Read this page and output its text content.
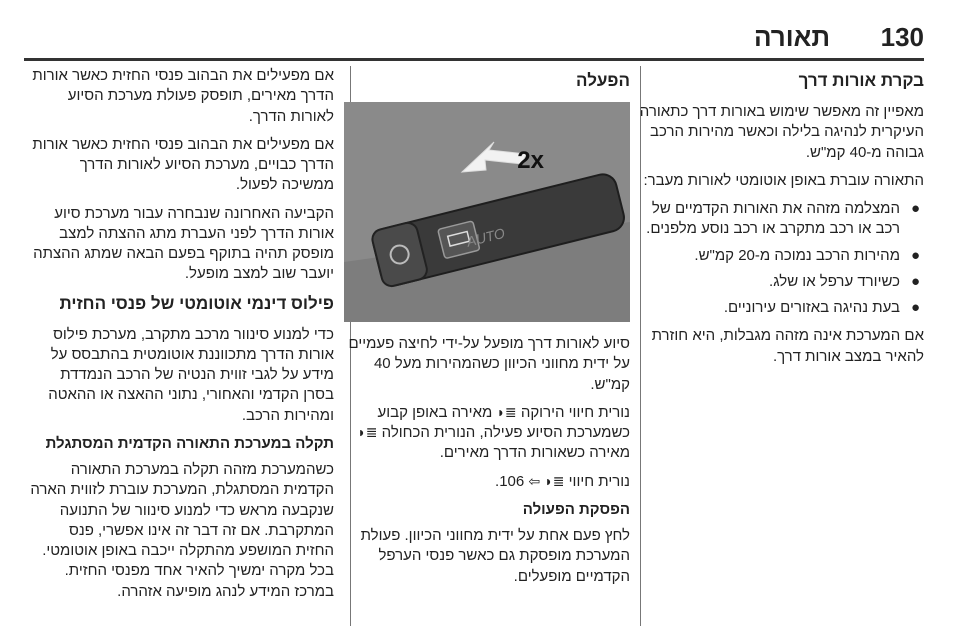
130
תאורה
בקרת אורות דרך

מאפיין זה מאפשר שימוש באורות דרך כתאורה העיקרית לנהיגה בלילה וכאשר מהירות הרכב גבוהה מ-40 קמ"ש.

התאורה עוברת באופן אוטומטי לאורות מעבר:

●
המצלמה מזהה את האורות הקדמיים של רכב או רכב מתקרב או רכב נוסע מלפנים.
●
מהירות הרכב נמוכה מ-20 קמ"ש.
●
כשיורד ערפל או שלג.
●
בעת נהיגה באזורים עירוניים.

אם המערכת אינה מזהה מגבלות, היא חוזרת להאיר במצב אורות דרך.

הפעלה
AUTO
2x

סיוע לאורות דרך מופעל על-ידי לחיצה פעמיים על ידית מחווני הכיוון כשהמהירות מעל 40 קמ"ש.

נורית חיווי הירוקה ≣◗ מאירה באופן קבוע כשמערכת הסיוע פעילה, הנורית הכחולה ≣◗ מאירה כשאורות הדרך מאירים.

נורית חיווי ≣◗ ⇦ 106.

הפסקת הפעולה

לחץ פעם אחת על ידית מחווני הכיוון. פעולת המערכת מופסקת גם כאשר פנסי הערפל הקדמיים מופעלים.

אם מפעילים את הבהוב פנסי החזית כאשר אורות הדרך מאירים, תופסק פעולת מערכת הסיוע לאורות הדרך.

אם מפעילים את הבהוב פנסי החזית כאשר אורות הדרך כבויים, מערכת הסיוע לאורות הדרך ממשיכה לפעול.

הקביעה האחרונה שנבחרה עבור מערכת סיוע אורות הדרך לפני העברת מתג ההצתה למצב מופסק תהיה בתוקף בפעם הבאה שמתג ההצתה יועבר שוב למצב מופעל.

פילוס דינמי אוטומטי של פנסי החזית

כדי למנוע סינוור מרכב מתקרב, מערכת פילוס אורות הדרך מתכווננת אוטומטית בהתבסס על מידע על לגבי זווית הנטיה של הרכב הנמדדת בסרן הקדמי והאחורי, נתוני ההאצה או ההאטה ומהירות הרכב.

תקלה במערכת התאורה הקדמית המסתגלת

כשהמערכת מזהה תקלה במערכת התאורה הקדמית המסתגלת, המערכת עוברת לזווית הארה שנקבעה מראש כדי למנוע סינוור של התנועה המתקרבת. אם זה דבר זה אינו אפשרי, פנס החזית המושפע מהתקלה ייכבה באופן אוטומטי. בכל מקרה ימשיך להאיר אחד מפנסי החזית. במרכז המידע לנהג מופיעה אזהרה.
